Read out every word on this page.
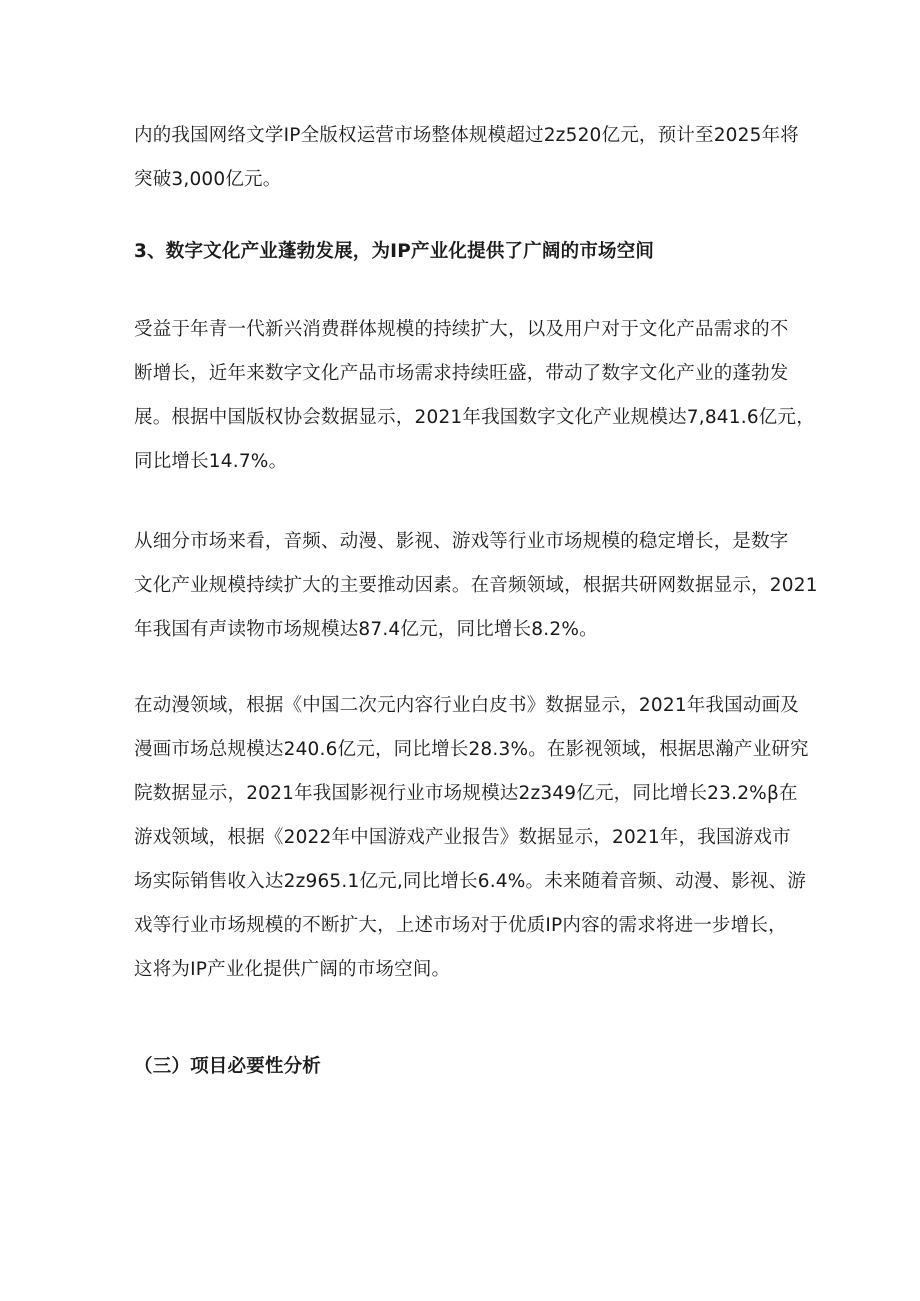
内的我国网络文学IP全版权运营市场整体规模超过2z520亿元，预计至2025年将
突破3,000亿元。
3、数字文化产业蓬勃发展，为IP产业化提供了广阔的市场空间
受益于年青一代新兴消费群体规模的持续扩大，以及用户对于文化产品需求的不
断增长，近年来数字文化产品市场需求持续旺盛，带动了数字文化产业的蓬勃发
展。根据中国版权协会数据显示，2021年我国数字文化产业规模达7,841.6亿元，
同比增长14.7%。
从细分市场来看，音频、动漫、影视、游戏等行业市场规模的稳定增长，是数字
文化产业规模持续扩大的主要推动因素。在音频领域，根据共研网数据显示，2021
年我国有声读物市场规模达87.4亿元，同比增长8.2%。
在动漫领域，根据《中国二次元内容行业白皮书》数据显示，2021年我国动画及
漫画市场总规模达240.6亿元，同比增长28.3%。在影视领域，根据思瀚产业研究
院数据显示，2021年我国影视行业市场规模达2z349亿元，同比增长23.2%β在
游戏领域，根据《2022年中国游戏产业报告》数据显示，2021年，我国游戏市
场实际销售收入达2z965.1亿元,同比增长6.4%。未来随着音频、动漫、影视、游
戏等行业市场规模的不断扩大，上述市场对于优质IP内容的需求将进一步增长，
这将为IP产业化提供广阔的市场空间。
（三）项目必要性分析
